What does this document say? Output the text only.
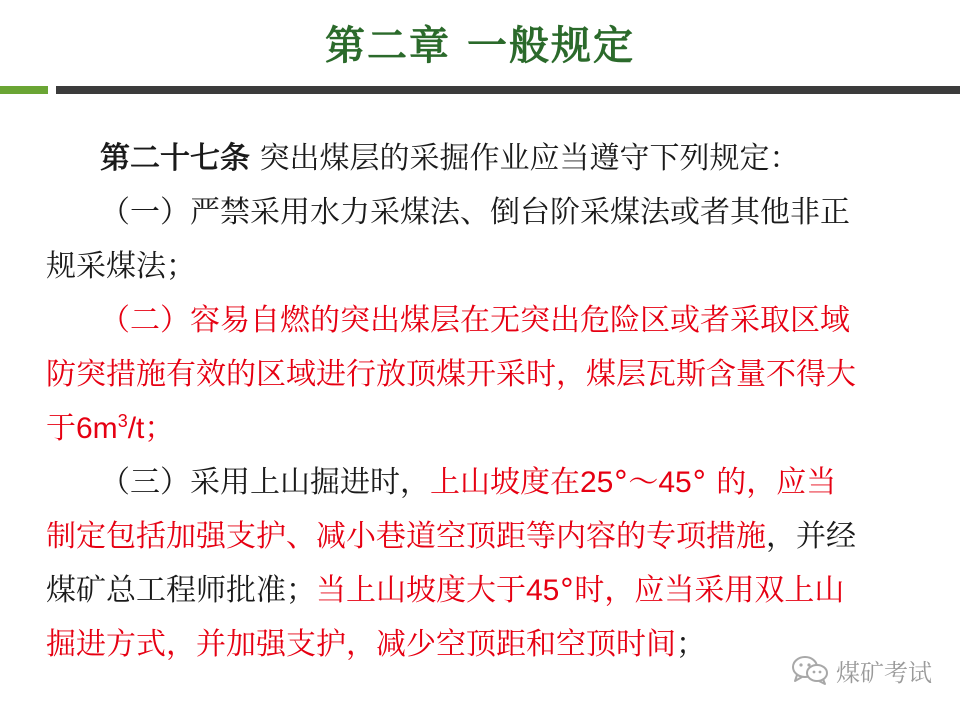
第二章 一般规定
第二十七条 突出煤层的采掘作业应当遵守下列规定：
（一）严禁采用水力采煤法、倒台阶采煤法或者其他非正
规采煤法；
（二）容易自燃的突出煤层在无突出危险区或者采取区域
防突措施有效的区域进行放顶煤开采时，煤层瓦斯含量不得大
于$6m^3/t$；
（三）采用上山掘进时，上山坡度在25°～45° 的，应当
制定包括加强支护、减小巷道空顶距等内容的专项措施，并经
煤矿总工程师批准；当上山坡度大于45°时，应当采用双上山
掘进方式，并加强支护，减少空顶距和空顶时间；
煤矿考试
